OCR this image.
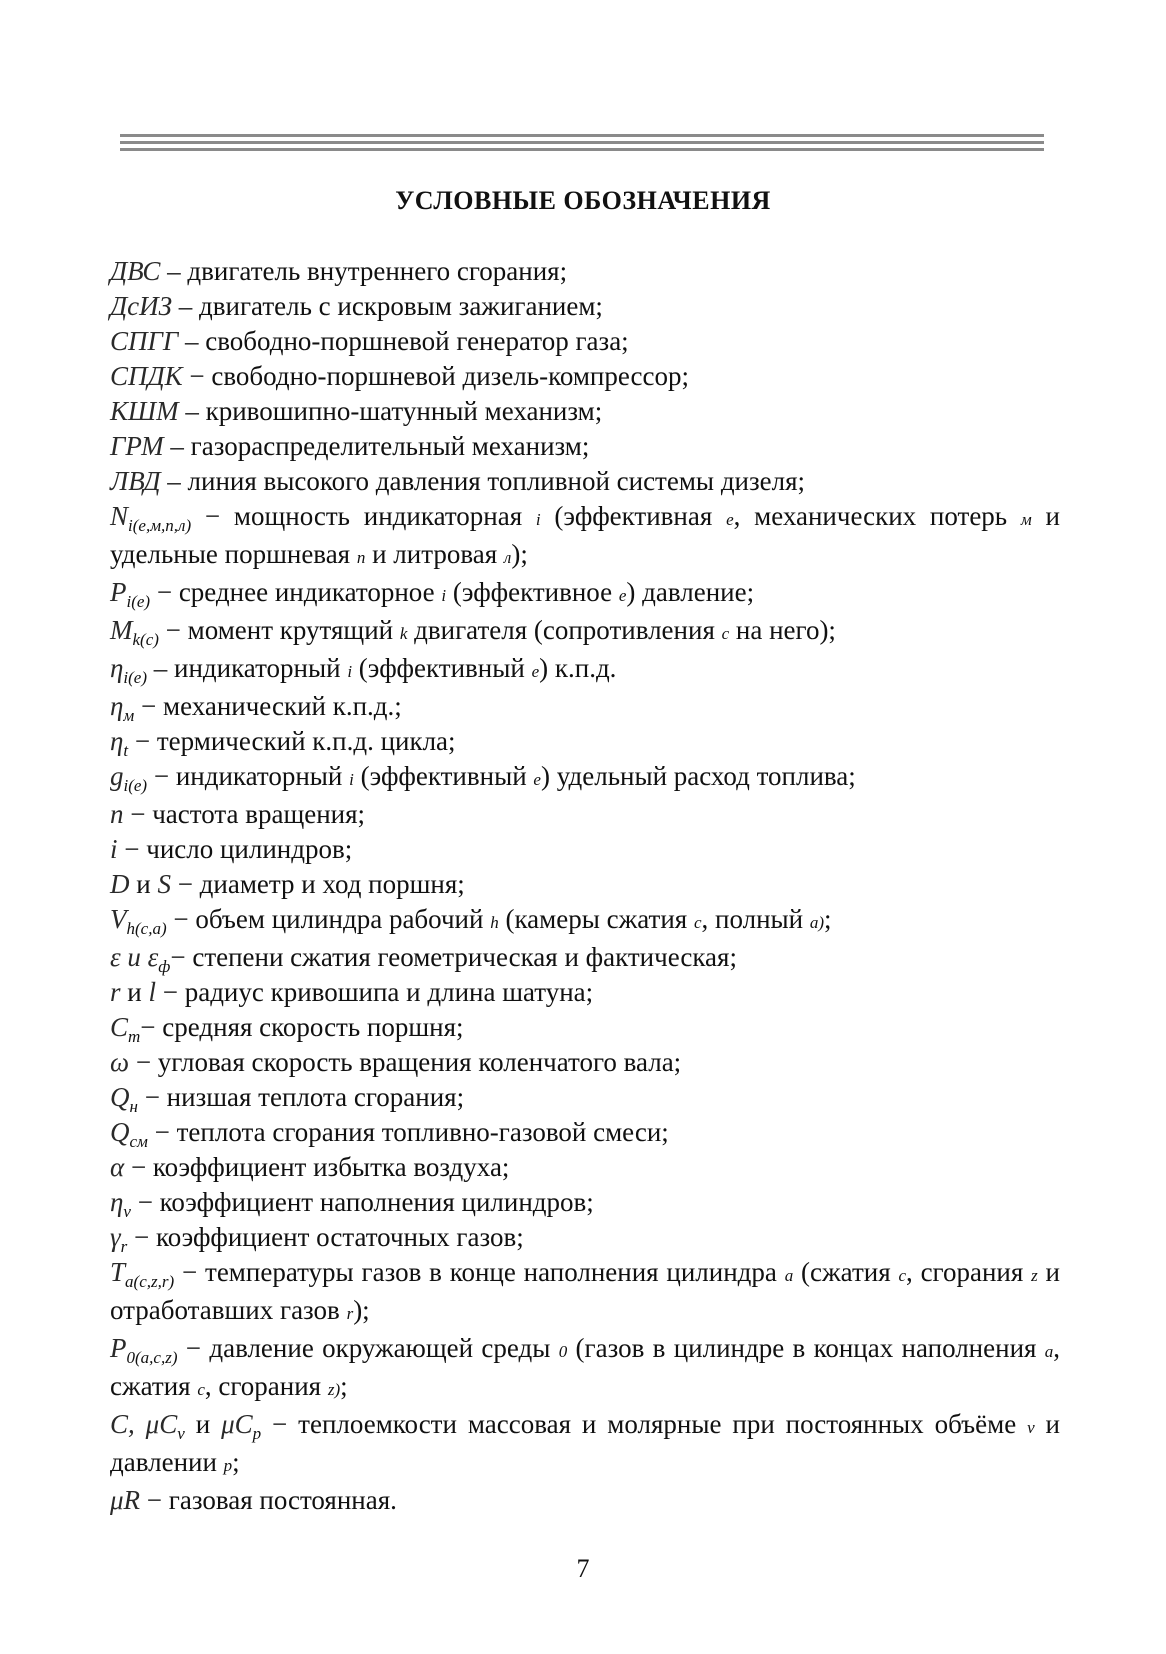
УСЛОВНЫЕ ОБОЗНАЧЕНИЯ
ДВС – двигатель внутреннего сгорания;
ДсИЗ – двигатель с искровым зажиганием;
СПГГ – свободно-поршневой генератор газа;
СПДК − свободно-поршневой дизель-компрессор;
КШМ – кривошипно-шатунный механизм;
ГРМ – газораспределительный механизм;
ЛВД – линия высокого давления топливной системы дизеля;
$N_{i(е,м,n,л)}$ − мощность индикаторная i (эффективная е, механических потерь м и удельные поршневая n и литровая л);
$P_{i(е)}$ − среднее индикаторное i (эффективное е) давление;
$M_{k(c)}$ − момент крутящий k двигателя (сопротивления c на него);
$\eta_{i(е)}$ – индикаторный i (эффективный е) к.п.д.
$\eta_м$ − механический к.п.д.;
$\eta_t$ − термический к.п.д. цикла;
$g_{i(е)}$ − индикаторный i (эффективный е) удельный расход топлива;
n − частота вращения;
i − число цилиндров;
D и S − диаметр и ход поршня;
$V_{h(c,a)}$ − объем цилиндра рабочий h (камеры сжатия c, полный a);
ε и $\varepsilon_ф-$ степени сжатия геометрическая и фактическая;
r и l − радиус кривошипа и длина шатуна;
$C_m-$ средняя скорость поршня;
ω − угловая скорость вращения коленчатого вала;
$Q_н$ − низшая теплота сгорания;
$Q_{см}$ − теплота сгорания топливно-газовой смеси;
α − коэффициент избытка воздуха;
$\eta_v$ − коэффициент наполнения цилиндров;
$\gamma_r$ − коэффициент остаточных газов;
$T_{a(c,z,r)}$ − температуры газов в конце наполнения цилиндра a (сжатия c, сгорания z и отработавших газов r);
$P_{0(a,c,z)}$ − давление окружающей среды 0 (газов в цилиндре в концах наполнения a, сжатия c, сгорания z);
C, $\mu C_v$ и $\mu C_p$ − теплоемкости массовая и молярные при постоянных объёме v и давлении p;
μR − газовая постоянная.
7
